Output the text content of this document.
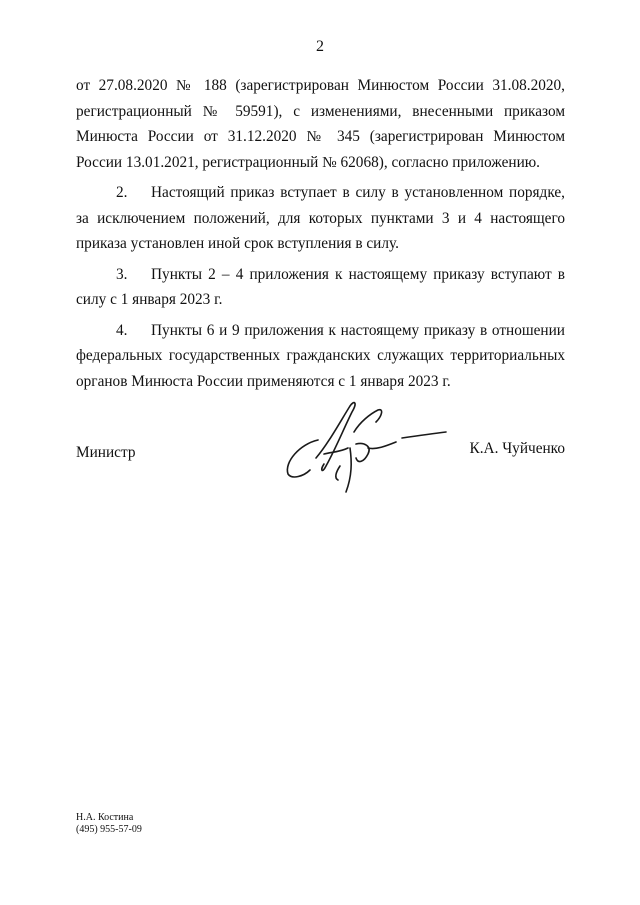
2

от 27.08.2020 № 188 (зарегистрирован Минюстом России 31.08.2020, регистрационный № 59591), с изменениями, внесенными приказом Минюста России от 31.12.2020 № 345 (зарегистрирован Минюстом России 13.01.2021, регистрационный № 62068), согласно приложению.

2. Настоящий приказ вступает в силу в установленном порядке, за исключением положений, для которых пунктами 3 и 4 настоящего приказа установлен иной срок вступления в силу.

3. Пункты 2 – 4 приложения к настоящему приказу вступают в силу с 1 января 2023 г.

4. Пункты 6 и 9 приложения к настоящему приказу в отношении федеральных государственных гражданских служащих территориальных органов Минюста России применяются с 1 января 2023 г.

Министр	К.А. Чуйченко
Н.А. Костина
(495) 955-57-09
